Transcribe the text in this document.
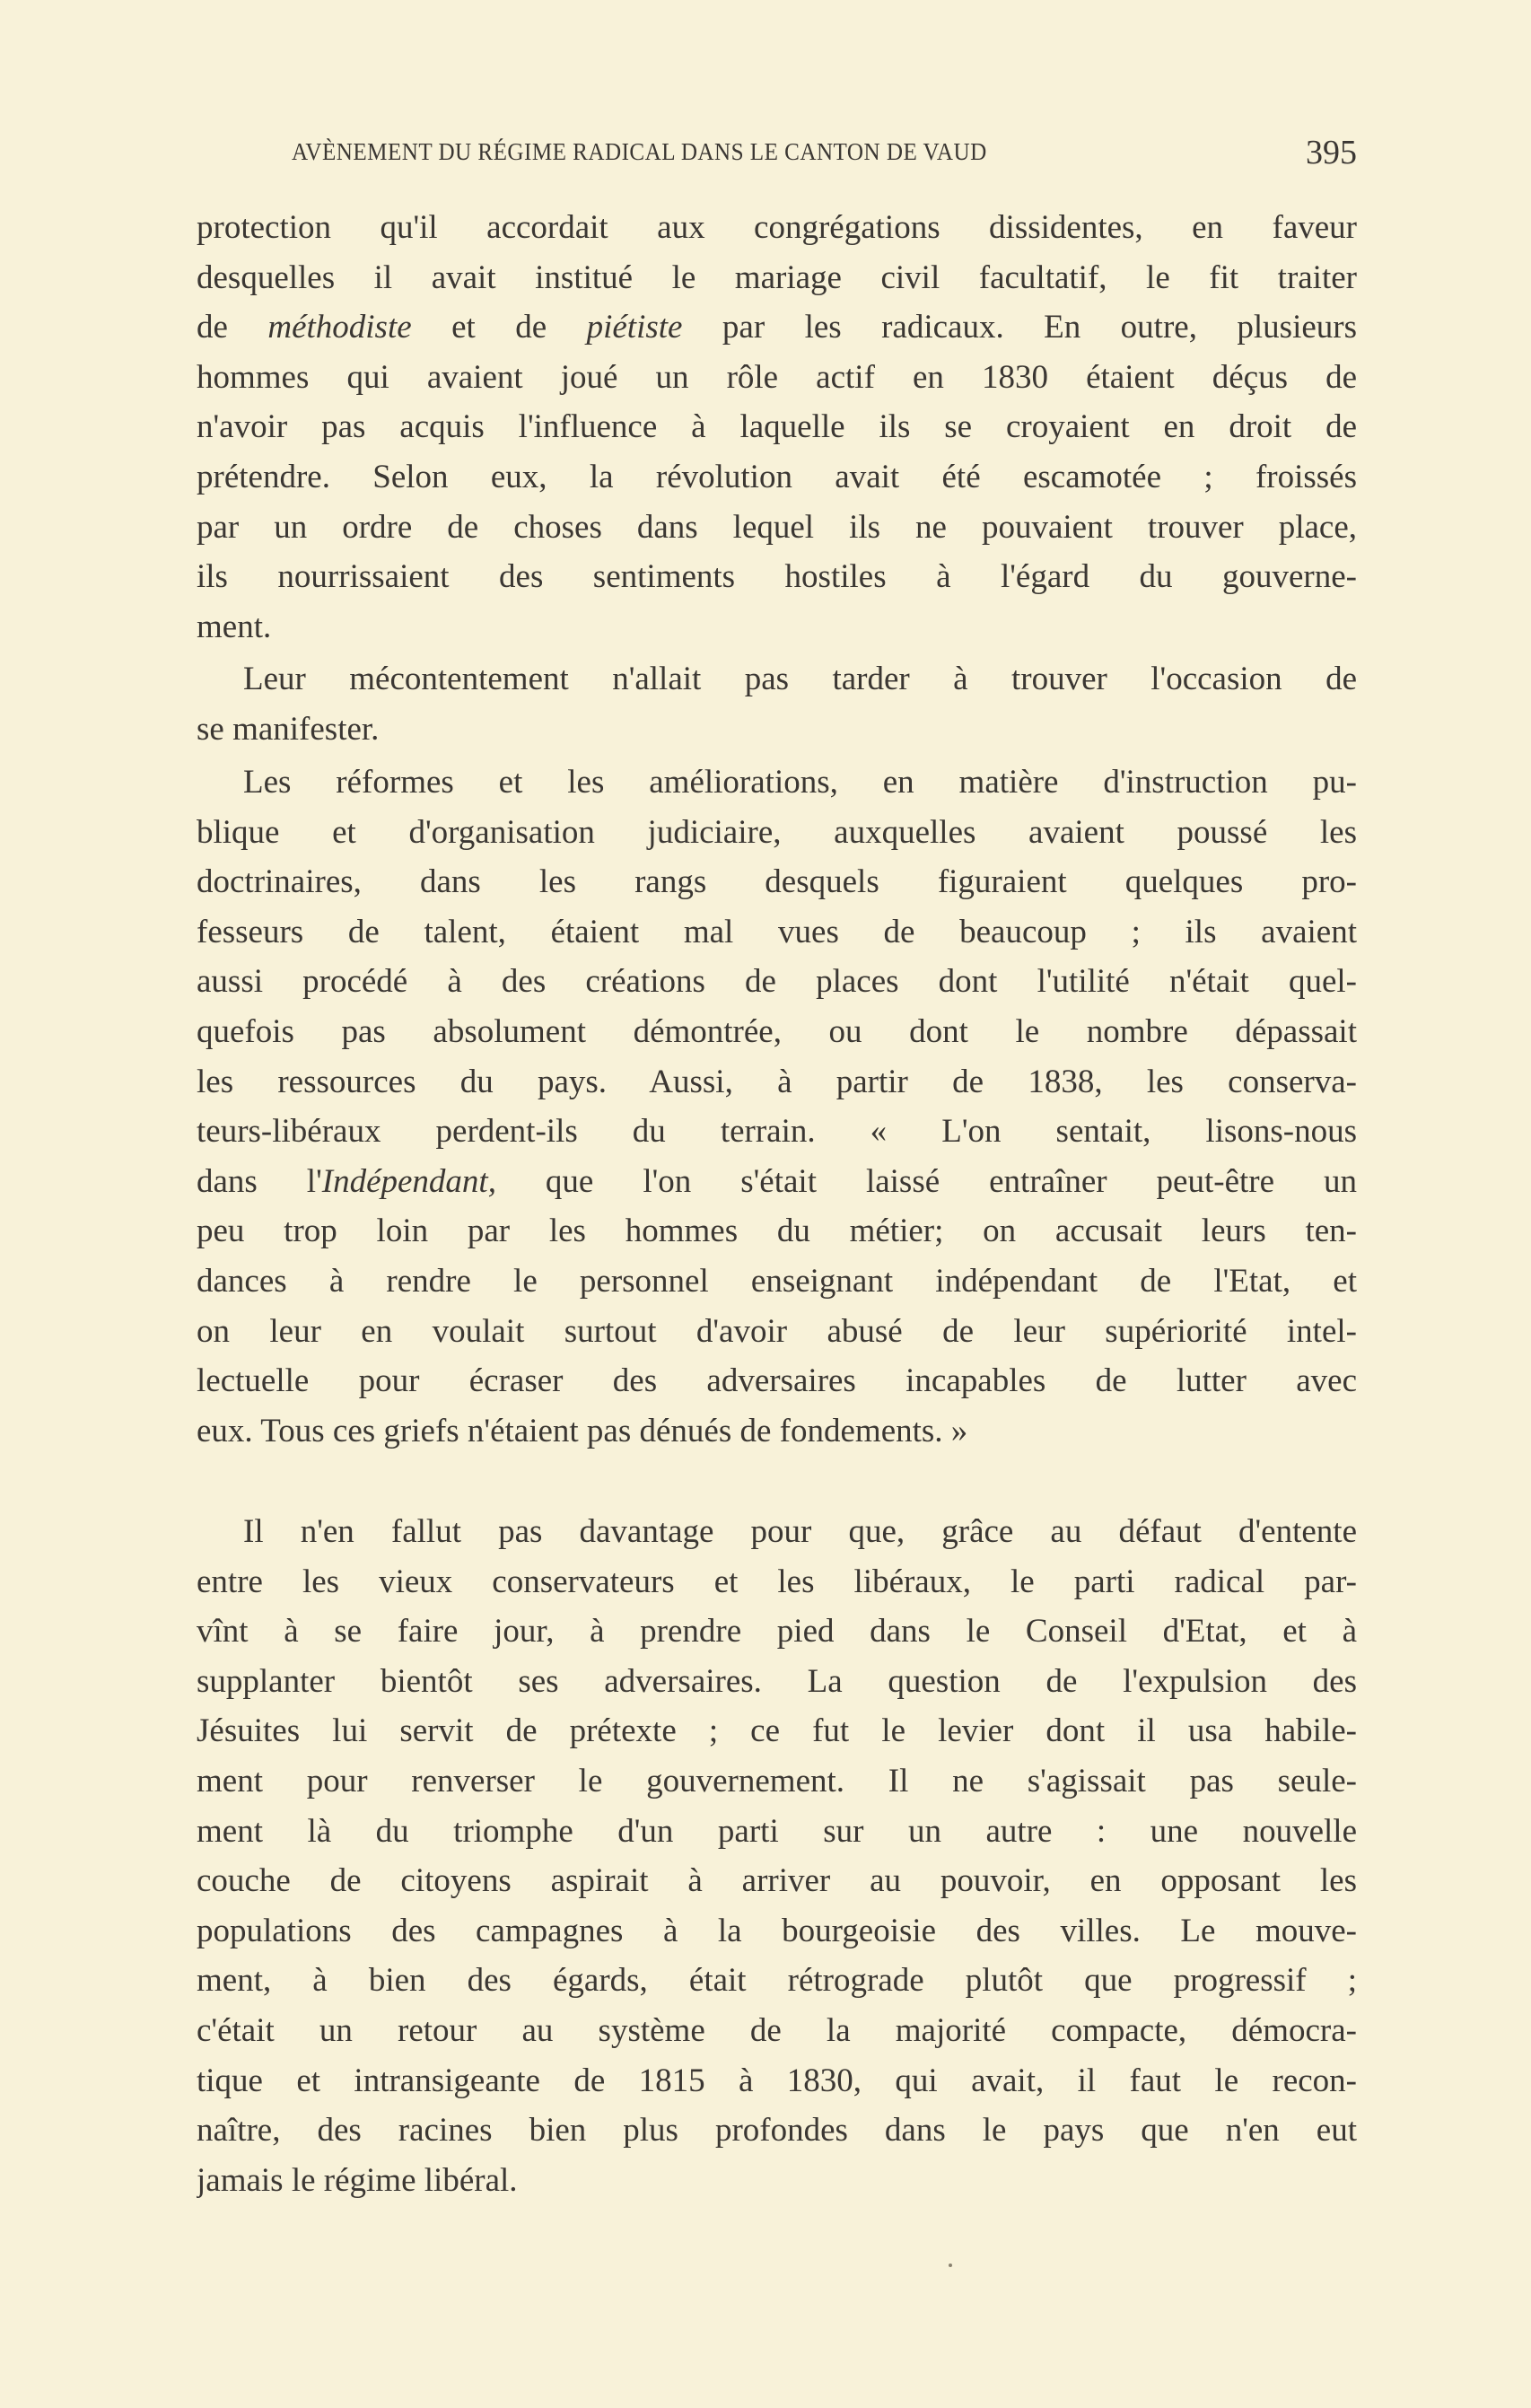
AVÈNEMENT DU RÉGIME RADICAL DANS LE CANTON DE VAUD	395
protection qu'il accordait aux congrégations dissidentes, en faveur
desquelles il avait institué le mariage civil facultatif, le fit traiter
de méthodiste et de piétiste par les radicaux. En outre, plusieurs
hommes qui avaient joué un rôle actif en 1830 étaient déçus de
n'avoir pas acquis l'influence à laquelle ils se croyaient en droit de
prétendre. Selon eux, la révolution avait été escamotée ; froissés
par un ordre de choses dans lequel ils ne pouvaient trouver place,
ils nourrissaient des sentiments hostiles à l'égard du gouverne-
ment.
Leur mécontentement n'allait pas tarder à trouver l'occasion de
se manifester.
Les réformes et les améliorations, en matière d'instruction pu-
blique et d'organisation judiciaire, auxquelles avaient poussé les
doctrinaires, dans les rangs desquels figuraient quelques pro-
fesseurs de talent, étaient mal vues de beaucoup ; ils avaient
aussi procédé à des créations de places dont l'utilité n'était quel-
quefois pas absolument démontrée, ou dont le nombre dépassait
les ressources du pays. Aussi, à partir de 1838, les conserva-
teurs-libéraux perdent-ils du terrain. « L'on sentait, lisons-nous
dans l'Indépendant, que l'on s'était laissé entraîner peut-être un
peu trop loin par les hommes du métier; on accusait leurs ten-
dances à rendre le personnel enseignant indépendant de l'Etat, et
on leur en voulait surtout d'avoir abusé de leur supériorité intel-
lectuelle pour écraser des adversaires incapables de lutter avec
eux. Tous ces griefs n'étaient pas dénués de fondements. »
Il n'en fallut pas davantage pour que, grâce au défaut d'entente
entre les vieux conservateurs et les libéraux, le parti radical par-
vînt à se faire jour, à prendre pied dans le Conseil d'Etat, et à
supplanter bientôt ses adversaires. La question de l'expulsion des
Jésuites lui servit de prétexte ; ce fut le levier dont il usa habile-
ment pour renverser le gouvernement. Il ne s'agissait pas seule-
ment là du triomphe d'un parti sur un autre : une nouvelle
couche de citoyens aspirait à arriver au pouvoir, en opposant les
populations des campagnes à la bourgeoisie des villes. Le mouve-
ment, à bien des égards, était rétrograde plutôt que progressif ;
c'était un retour au système de la majorité compacte, démocra-
tique et intransigeante de 1815 à 1830, qui avait, il faut le recon-
naître, des racines bien plus profondes dans le pays que n'en eut
jamais le régime libéral.
